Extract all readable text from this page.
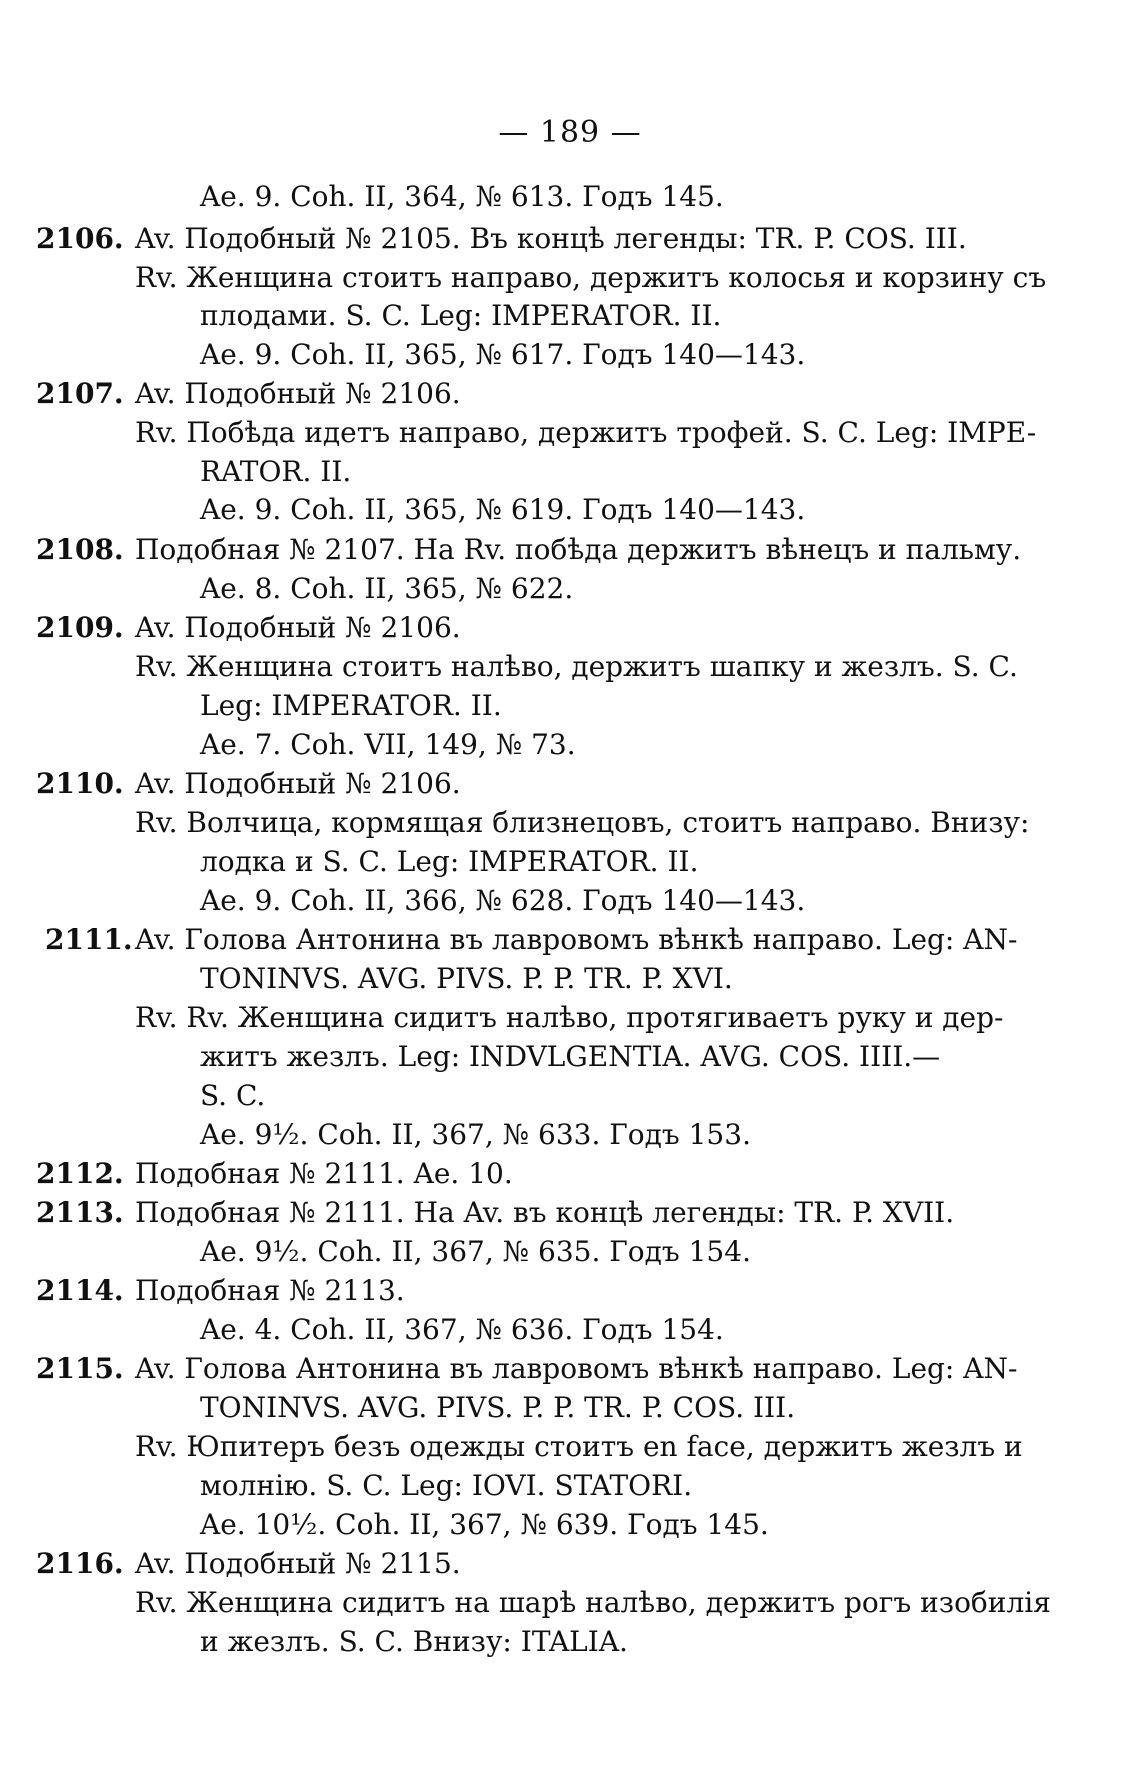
— 189 —
Ae. 9. Coh. II, 364, № 613. Годъ 145.
2106. Av. Подобный № 2105. Въ концѣ легенды: TR. P. COS. III.
Rv. Женщина стоитъ направо, держитъ колосья и корзину съ
плодами. S. C. Leg: IMPERATOR. II.
Ae. 9. Coh. II, 365, № 617. Годъ 140—143.
2107. Av. Подобный № 2106.
Rv. Побѣда идетъ направо, держитъ трофей. S. C. Leg: IMPE-
RATOR. II.
Ae. 9. Coh. II, 365, № 619. Годъ 140—143.
2108. Подобная № 2107. На Rv. побѣда держитъ вѣнецъ и пальму.
Ae. 8. Coh. II, 365, № 622.
2109. Av. Подобный № 2106.
Rv. Женщина стоитъ налѣво, держитъ шапку и жезлъ. S. C.
Leg: IMPERATOR. II.
Ae. 7. Coh. VII, 149, № 73.
2110. Av. Подобный № 2106.
Rv. Волчица, кормящая близнецовъ, стоитъ направо. Внизу:
лодка и S. C. Leg: IMPERATOR. II.
Ae. 9. Coh. II, 366, № 628. Годъ 140—143.
2111. Av. Голова Антонина въ лавровомъ вѣнкѣ направо. Leg: AN-
TONINVS. AVG. PIVS. P. P. TR. P. XVI.
Rv. Rv. Женщина сидитъ налѣво, протягиваетъ руку и дер-
житъ жезлъ. Leg: INDVLGENTIA. AVG. COS. IIII.—
S. C.
Ae. 9½. Coh. II, 367, № 633. Годъ 153.
2112. Подобная № 2111. Ae. 10.
2113. Подобная № 2111. На Av. въ концѣ легенды: TR. P. XVII.
Ae. 9½. Coh. II, 367, № 635. Годъ 154.
2114. Подобная № 2113.
Ae. 4. Coh. II, 367, № 636. Годъ 154.
2115. Av. Голова Антонина въ лавровомъ вѣнкѣ направо. Leg: AN-
TONINVS. AVG. PIVS. P. P. TR. P. COS. III.
Rv. Юпитеръ безъ одежды стоитъ en face, держитъ жезлъ и
молнію. S. C. Leg: IOVI. STATORI.
Ae. 10½. Coh. II, 367, № 639. Годъ 145.
2116. Av. Подобный № 2115.
Rv. Женщина сидитъ на шарѣ налѣво, держитъ рогъ изобилія
и жезлъ. S. C. Внизу: ITALIA.
